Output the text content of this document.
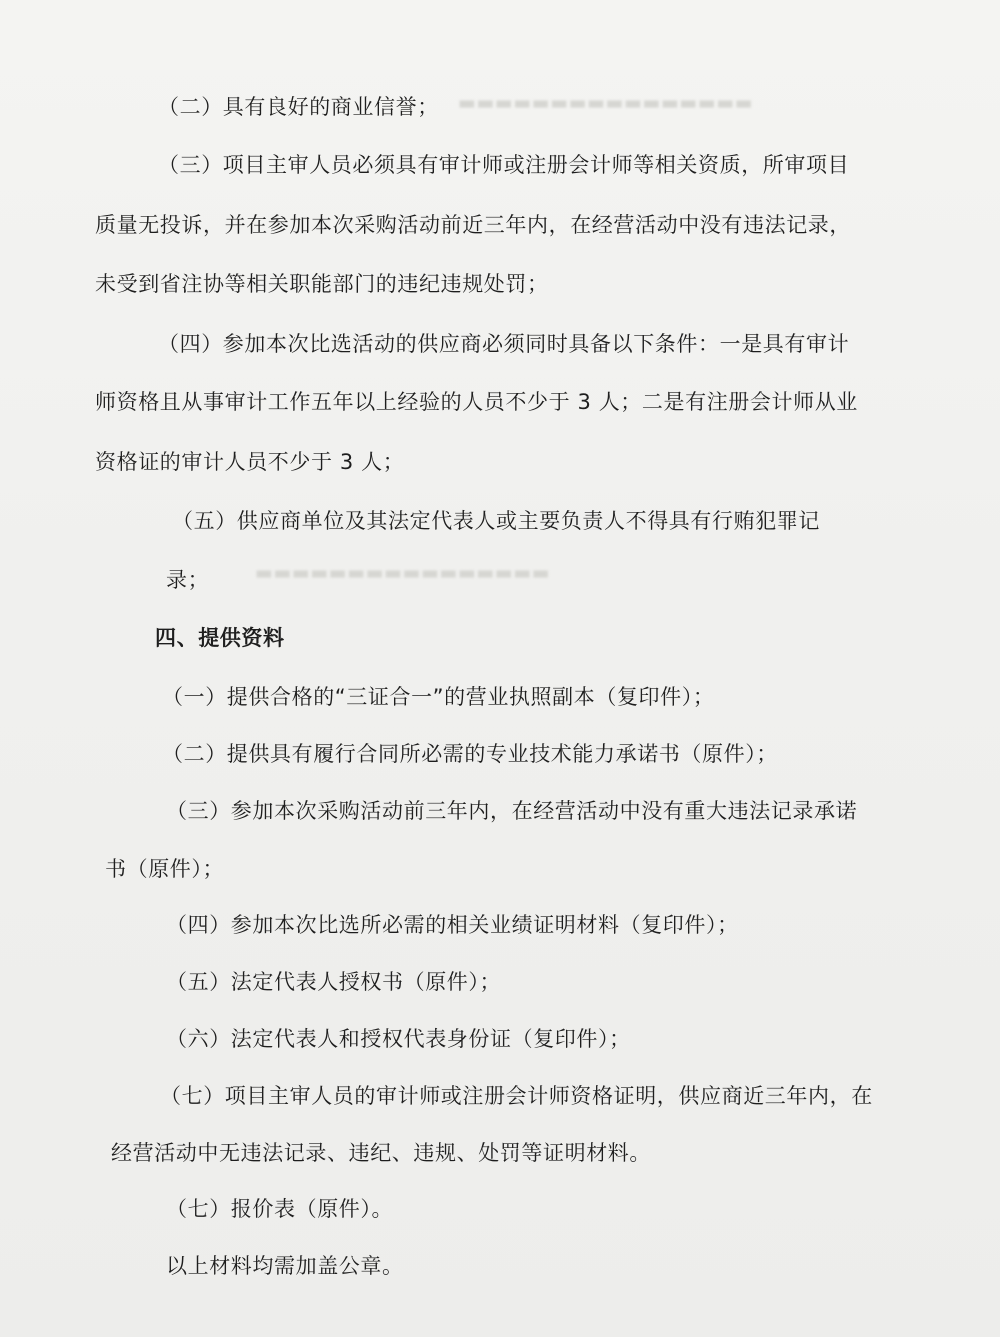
▬▬▬▬▬▬▬▬▬▬▬▬▬▬▬▬
▬▬▬▬▬▬▬▬▬▬▬▬▬▬▬▬
（二）具有良好的商业信誉；
（三）项目主审人员必须具有审计师或注册会计师等相关资质，所审项目
质量无投诉，并在参加本次采购活动前近三年内，在经营活动中没有违法记录，
未受到省注协等相关职能部门的违纪违规处罚；
（四）参加本次比选活动的供应商必须同时具备以下条件：一是具有审计
师资格且从事审计工作五年以上经验的人员不少于 3 人；二是有注册会计师从业
资格证的审计人员不少于 3 人；
（五）供应商单位及其法定代表人或主要负责人不得具有行贿犯罪记
录；
四、提供资料
（一）提供合格的“三证合一”的营业执照副本（复印件）；
（二）提供具有履行合同所必需的专业技术能力承诺书（原件）；
（三）参加本次采购活动前三年内，在经营活动中没有重大违法记录承诺
书（原件）；
（四）参加本次比选所必需的相关业绩证明材料（复印件）；
（五）法定代表人授权书（原件）；
（六）法定代表人和授权代表身份证（复印件）；
（七）项目主审人员的审计师或注册会计师资格证明，供应商近三年内，在
经营活动中无违法记录、违纪、违规、处罚等证明材料。
（七）报价表（原件）。
以上材料均需加盖公章。
